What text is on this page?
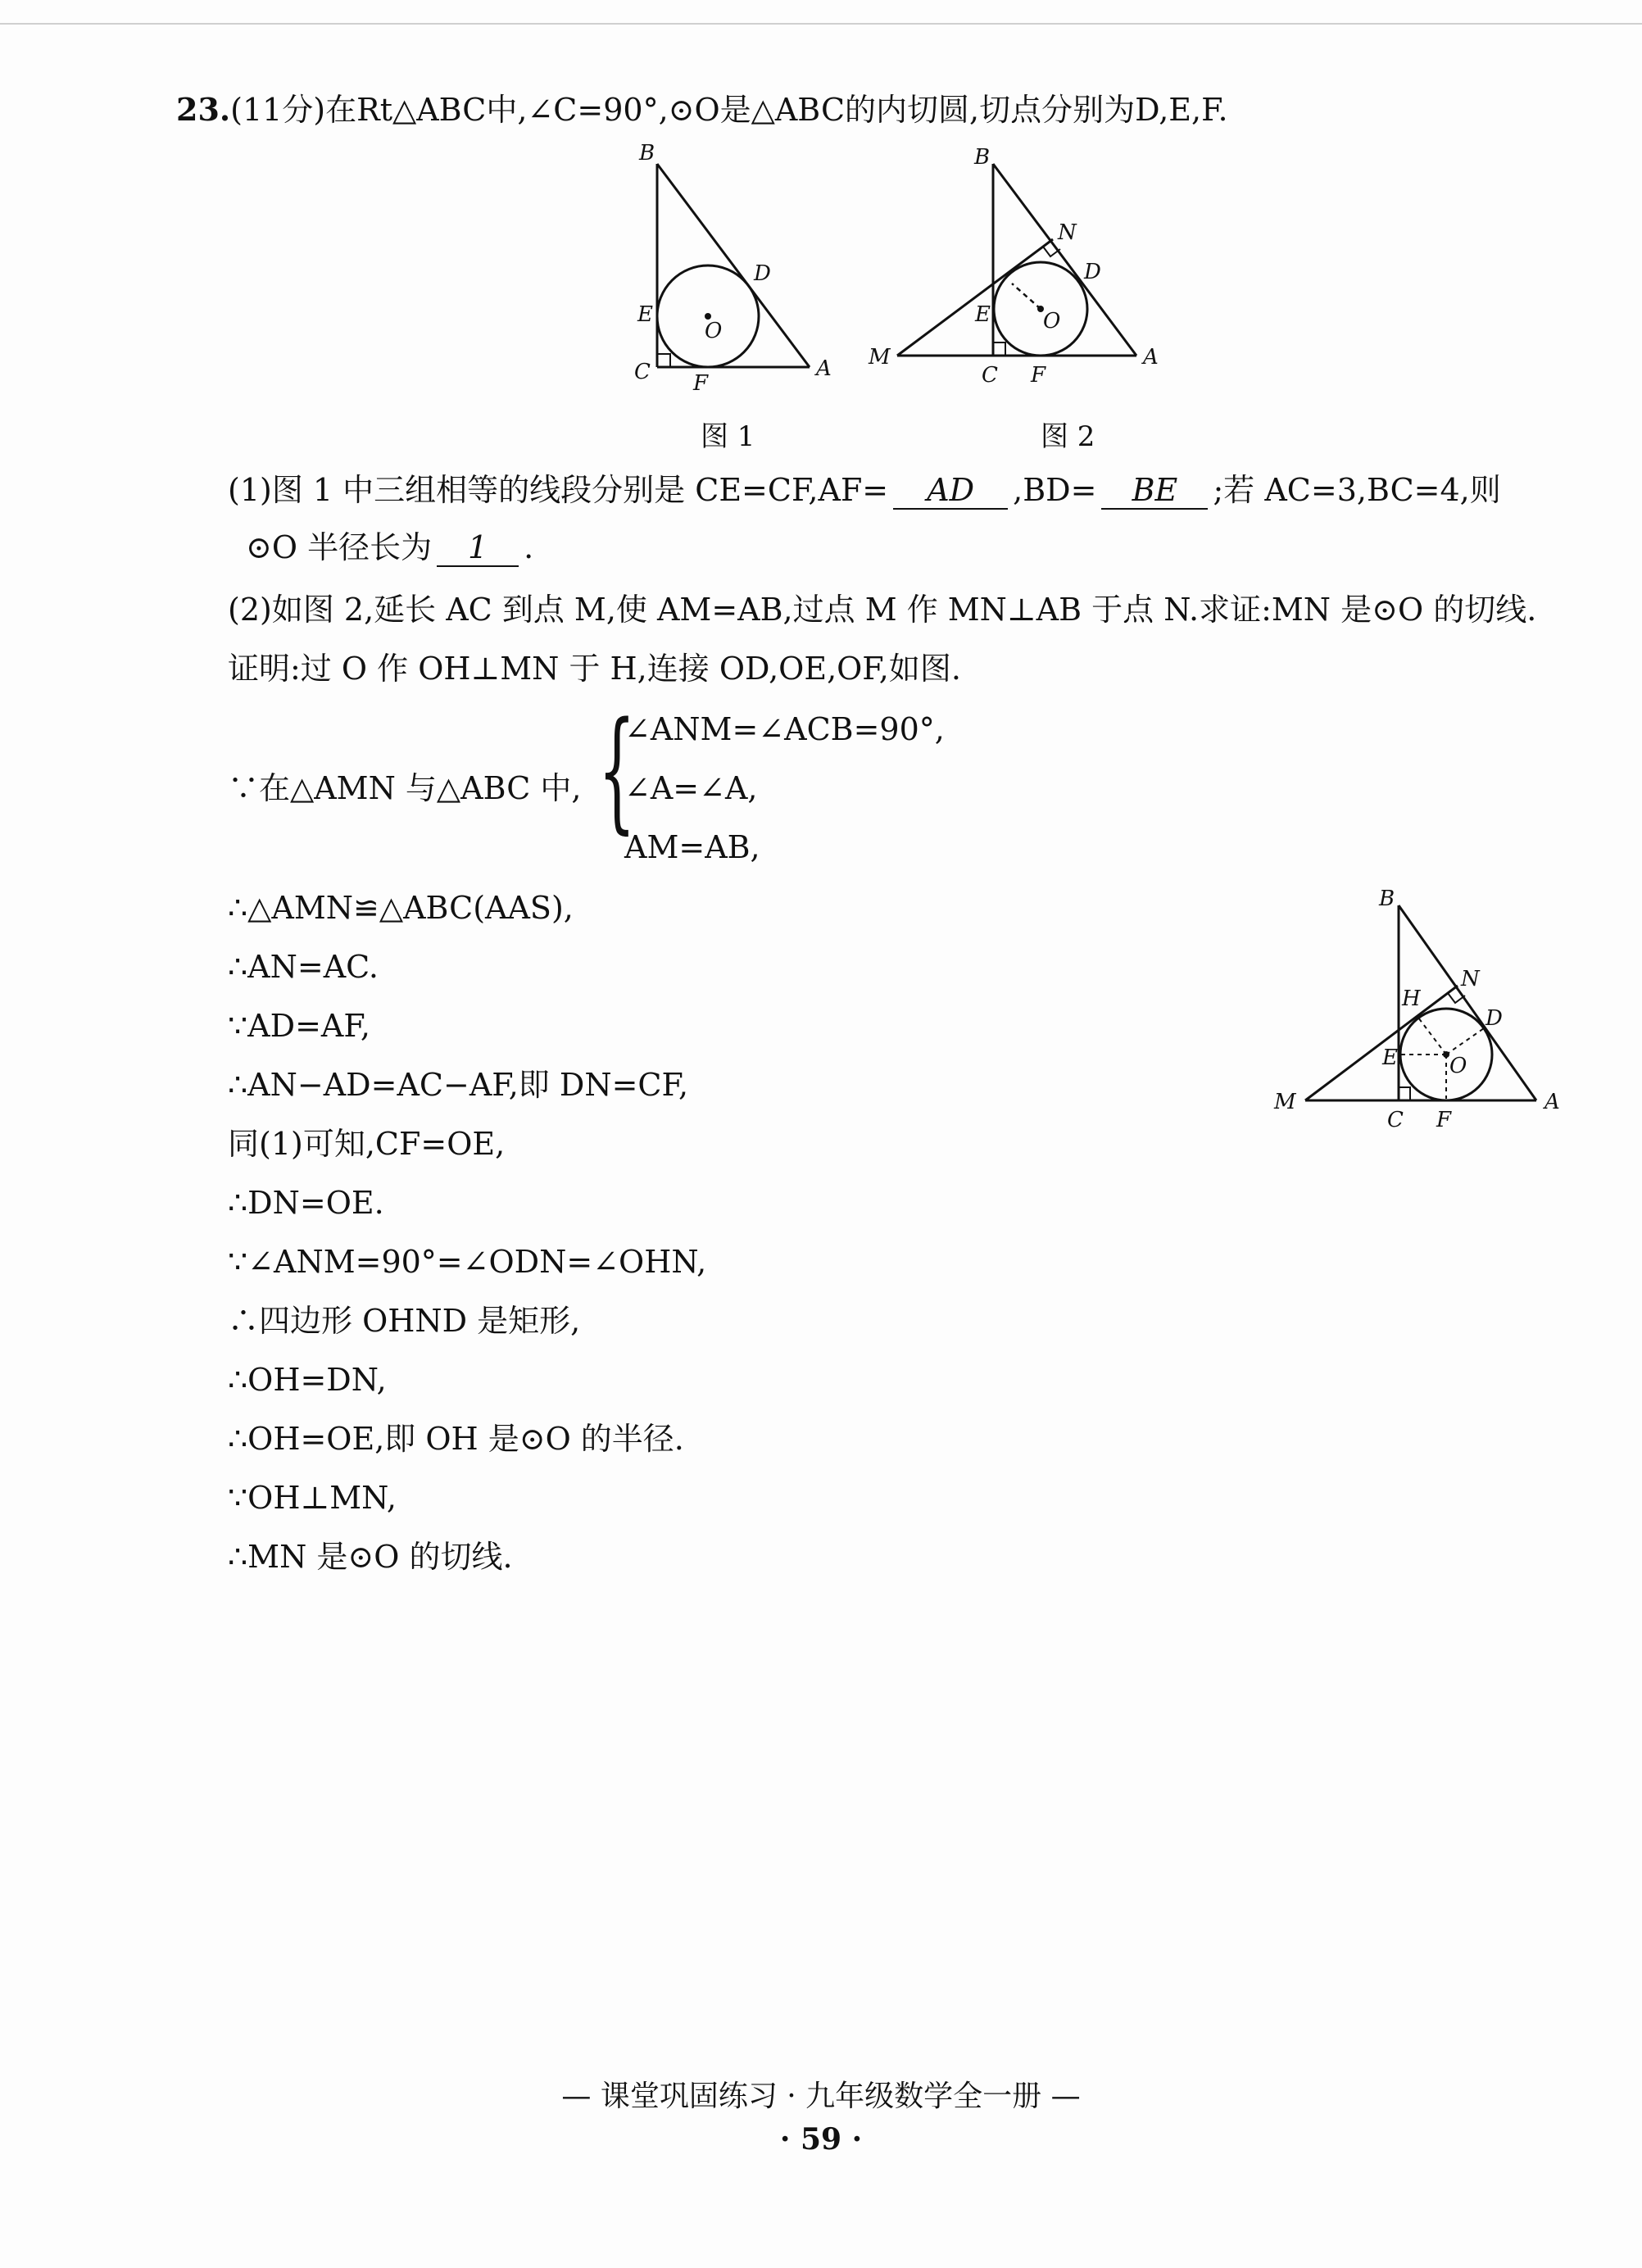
23.(11分)在Rt△ABC中,∠C=90°,⊙O是△ABC的内切圆,切点分别为D,E,F.
B
C	A
D
E
F
O
图 1
B
N
D
E O
M	A
C F
图 2
(1)图 1 中三组相等的线段分别是 CE=CF,AF= AD ,BD= BE ;若 AC=3,BC=4,则
⊙O 半径长为 1 .
(2)如图 2,延长 AC 到点 M,使 AM=AB,过点 M 作 MN⊥AB 于点 N.求证:MN 是⊙O 的切线.
证明:过 O 作 OH⊥MN 于 H,连接 OD,OE,OF,如图.
∵在△AMN 与△ABC 中, {
∠ANM=∠ACB=90°,
∠A=∠A,
AM=AB,
∴△AMN≌△ABC(AAS),
∴AN=AC.
∵AD=AF,
∴AN−AD=AC−AF,即 DN=CF,
同(1)可知,CF=OE,
∴DN=OE.
∵∠ANM=90°=∠ODN=∠OHN,
∴四边形 OHND 是矩形,
∴OH=DN,
∴OH=OE,即 OH 是⊙O 的半径.
∵OH⊥MN,
∴MN 是⊙O 的切线.
B
N
D
H
E O
M	A
C F
— 课堂巩固练习 · 九年级数学全一册 —
· 59 ·
